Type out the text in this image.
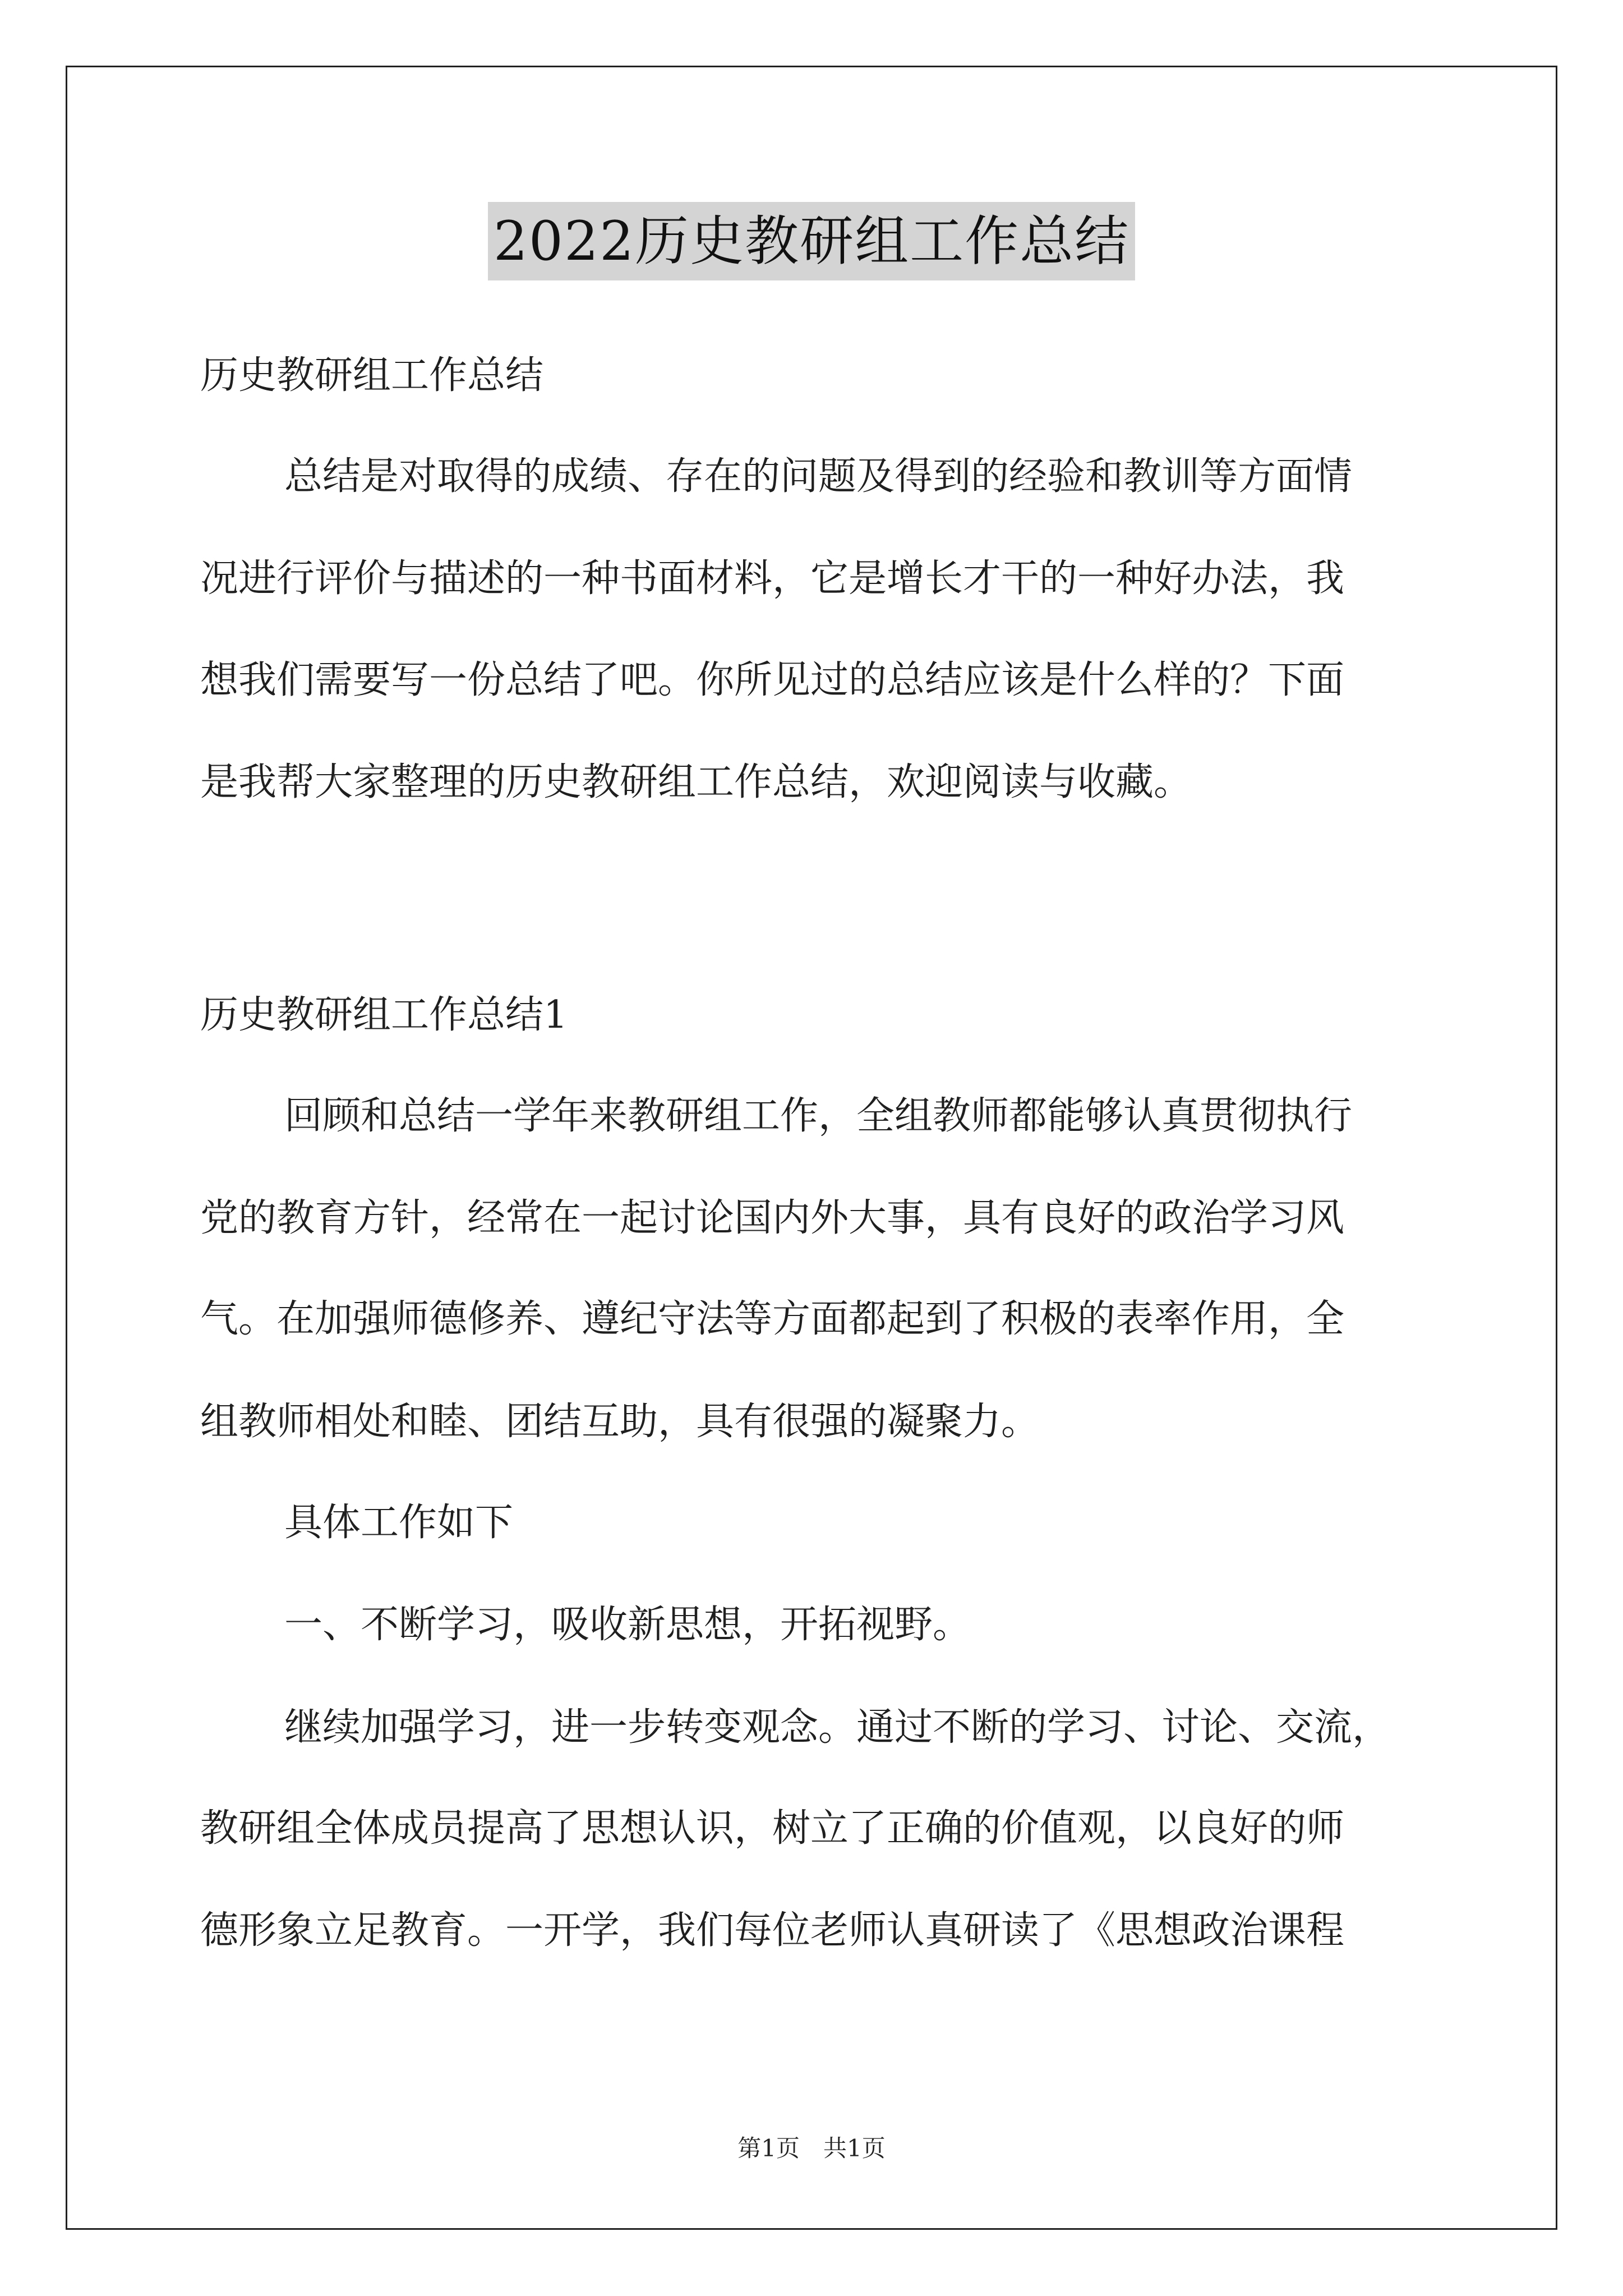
2022历史教研组工作总结
历史教研组工作总结
总结是对取得的成绩、存在的问题及得到的经验和教训等方面情
况进行评价与描述的一种书面材料，它是增长才干的一种好办法，我
想我们需要写一份总结了吧。你所见过的总结应该是什么样的？下面
是我帮大家整理的历史教研组工作总结，欢迎阅读与收藏。
历史教研组工作总结1
回顾和总结一学年来教研组工作，全组教师都能够认真贯彻执行
党的教育方针，经常在一起讨论国内外大事，具有良好的政治学习风
气。在加强师德修养、遵纪守法等方面都起到了积极的表率作用，全
组教师相处和睦、团结互助，具有很强的凝聚力。
具体工作如下
一、不断学习，吸收新思想，开拓视野。
继续加强学习，进一步转变观念。通过不断的学习、讨论、交流，
教研组全体成员提高了思想认识，树立了正确的价值观，以良好的师
德形象立足教育。一开学，我们每位老师认真研读了《思想政治课程
第1页　共1页
